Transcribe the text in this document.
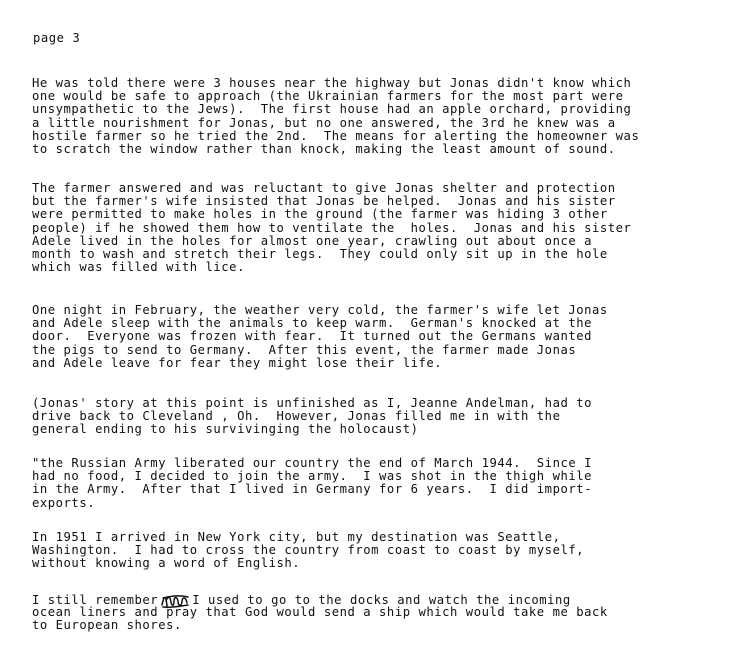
page 3
He was told there were 3 houses near the highway but Jonas didn't know which
one would be safe to approach (the Ukrainian farmers for the most part were
unsympathetic to the Jews).  The first house had an apple orchard, providing
a little nourishment for Jonas, but no one answered, the 3rd he knew was a
hostile farmer so he tried the 2nd.  The means for alerting the homeowner was
to scratch the window rather than knock, making the least amount of sound.
The farmer answered and was reluctant to give Jonas shelter and protection
but the farmer's wife insisted that Jonas be helped.  Jonas and his sister
were permitted to make holes in the ground (the farmer was hiding 3 other
people) if he showed them how to ventilate the  holes.  Jonas and his sister
Adele lived in the holes for almost one year, crawling out about once a
month to wash and stretch their legs.  They could only sit up in the hole
which was filled with lice.
One night in February, the weather very cold, the farmer's wife let Jonas
and Adele sleep with the animals to keep warm.  German's knocked at the
door.  Everyone was frozen with fear.  It turned out the Germans wanted
the pigs to send to Germany.  After this event, the farmer made Jonas
and Adele leave for fear they might lose their life.
(Jonas' story at this point is unfinished as I, Jeanne Andelman, had to
drive back to Cleveland , Oh.  However, Jonas filled me in with the
general ending to his survivinging the holocaust)
"the Russian Army liberated our country the end of March 1944.  Since I
had no food, I decided to join the army.  I was shot in the thigh while
in the Army.  After that I lived in Germany for 6 years.  I did import-
exports.
In 1951 I arrived in New York city, but my destination was Seattle,
Washington.  I had to cross the country from coast to coast by myself,
without knowing a word of English.
I still remember	I used to go to the docks and watch the incoming
ocean liners and pray that God would send a ship which would take me back
to European shores.
